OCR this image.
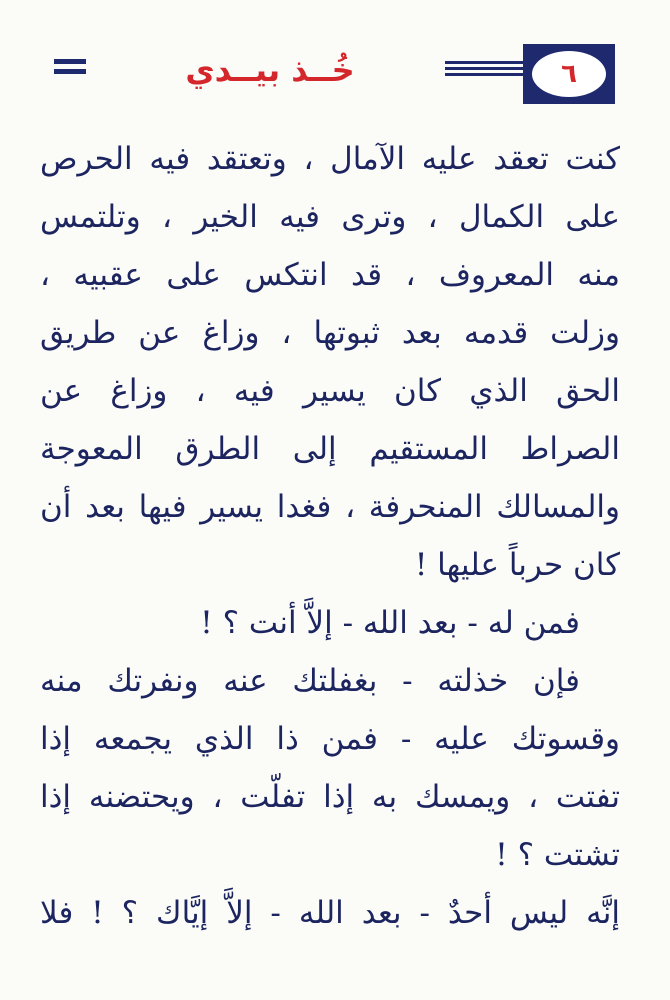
خُــذ بيــدي	٦
كنت تعقد عليه الآمال ، وتعتقد فيه الحرص
على الكمال ، وترى فيه الخير ، وتلتمس
منه المعروف ، قد انتكس على عقبيه ،
وزلت قدمه بعد ثبوتها ، وزاغ عن طريق
الحق الذي كان يسير فيه ، وزاغ عن
الصراط المستقيم إلى الطرق المعوجة
والمسالك المنحرفة ، فغدا يسير فيها بعد أن
كان حرباً عليها !
فمن له - بعد الله - إلاَّ أنت ؟ !
فإن خذلته - بغفلتك عنه ونفرتك منه
وقسوتك عليه - فمن ذا الذي يجمعه إذا
تفتت ، ويمسك به إذا تفلّت ، ويحتضنه إذا
تشتت ؟ !
إنَّه ليس أحدٌ - بعد الله - إلاَّ إيَّاك ؟ ! فلا
